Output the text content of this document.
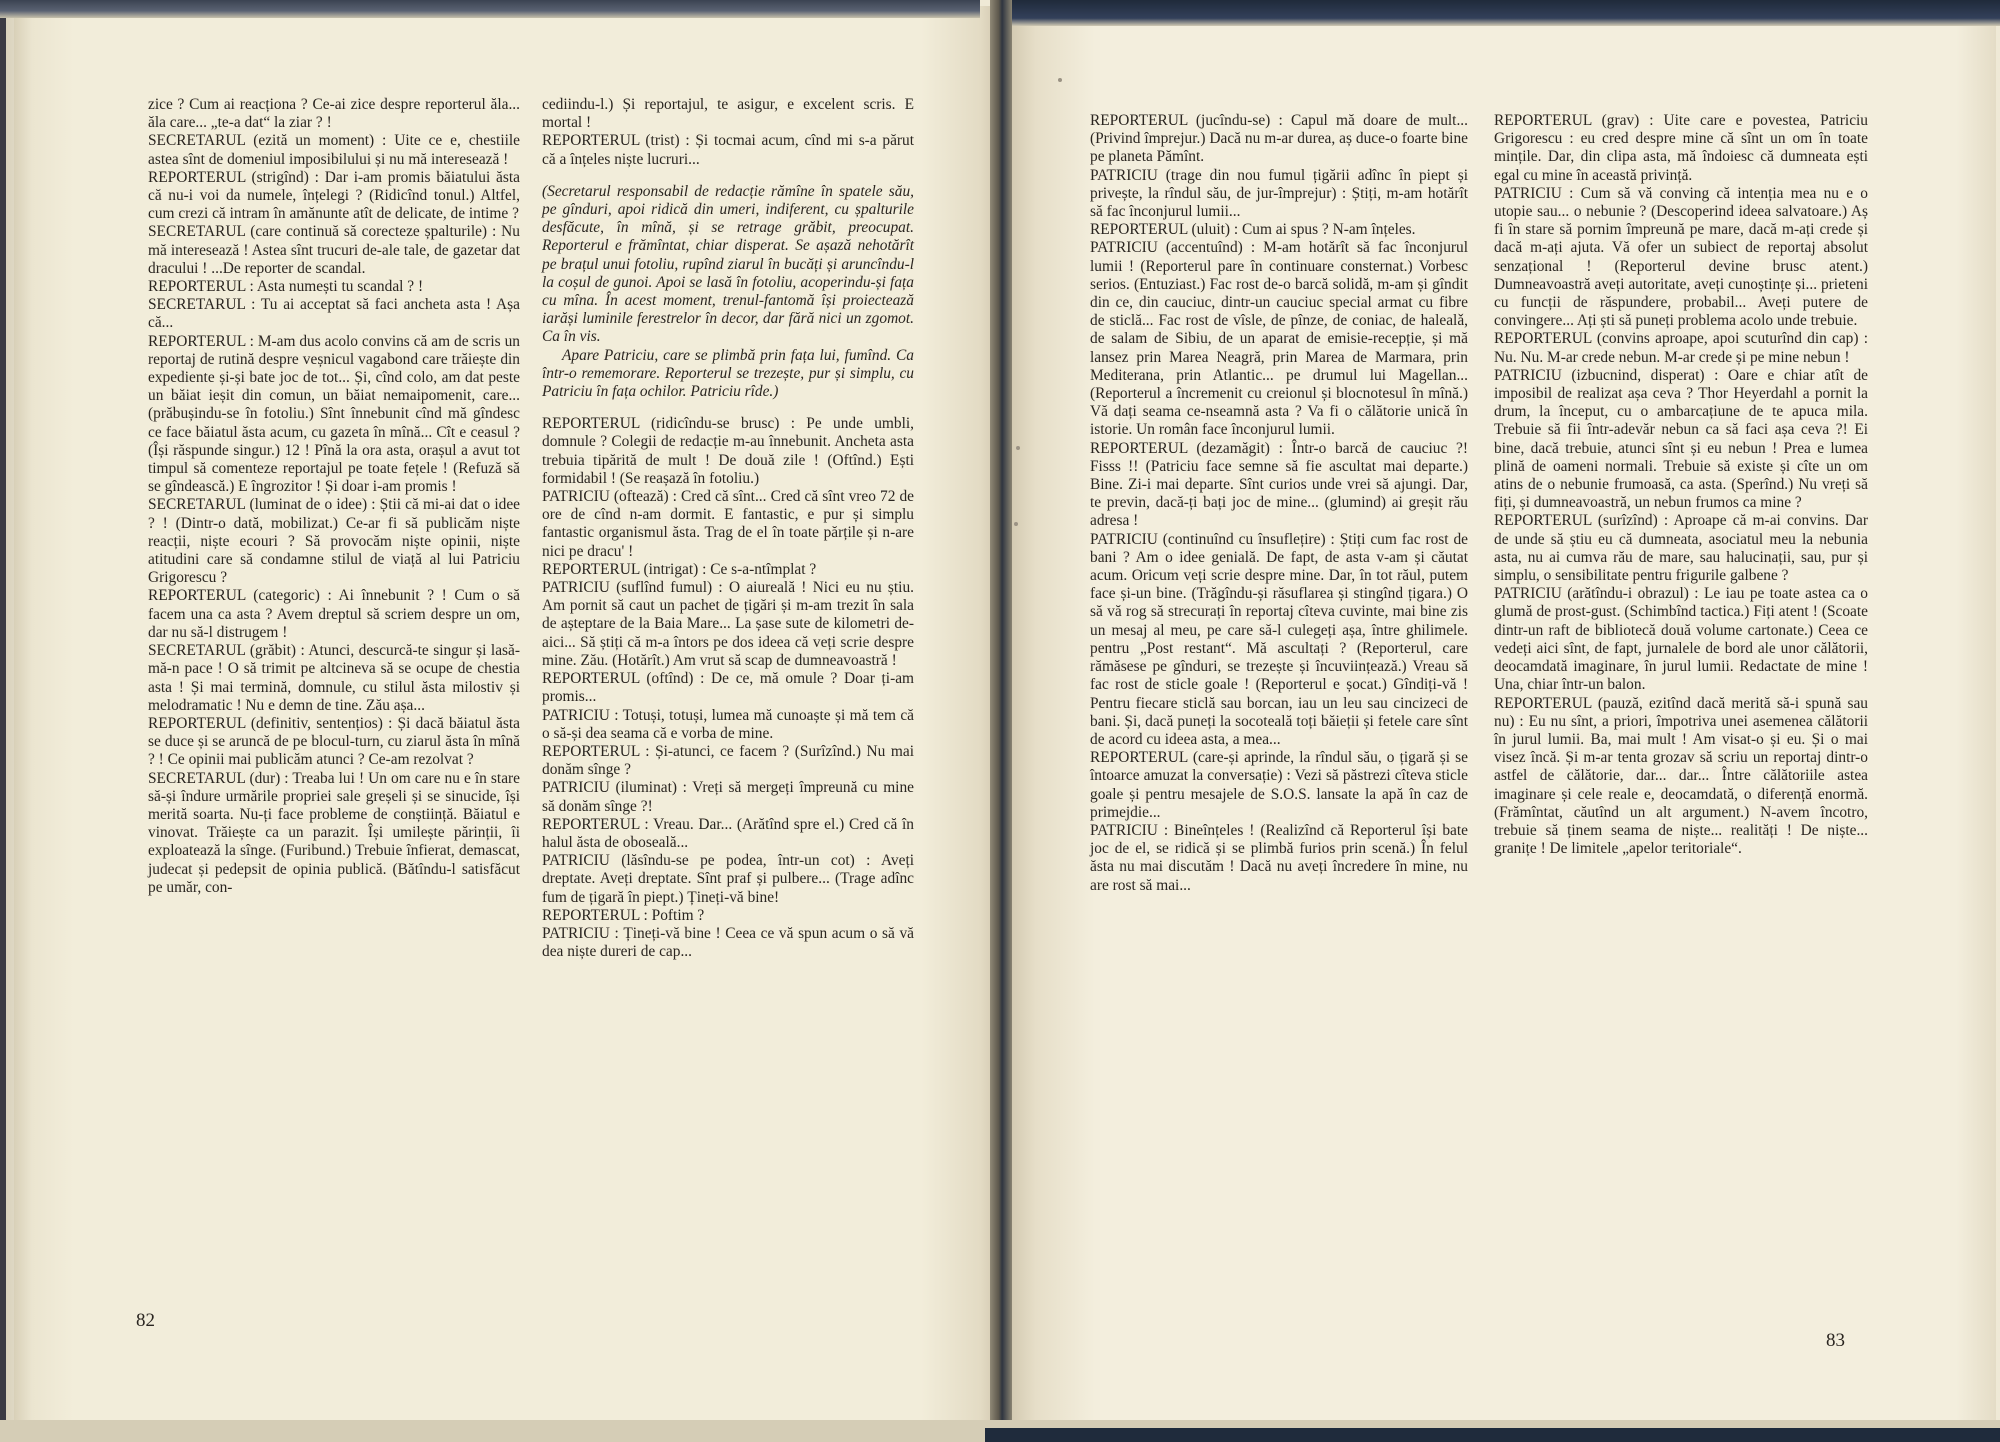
zice ? Cum ai reacționa ? Ce-ai zice despre reporterul ăla... ăla care... „te-a dat“ la ziar ? !

SECRETARUL (ezită un moment) : Uite ce e, chestiile astea sînt de domeniul imposibilului și nu mă interesează !

REPORTERUL (strigînd) : Dar i-am promis băiatului ăsta că nu-i voi da numele, înțelegi ? (Ridicînd tonul.) Altfel, cum crezi că intram în amănunte atît de delicate, de intime ?

SECRETARUL (care continuă să corecteze șpalturile) : Nu mă interesează ! Astea sînt trucuri de-ale tale, de gazetar dat dracului ! ...De reporter de scandal.

REPORTERUL : Asta numești tu scandal ? !

SECRETARUL : Tu ai acceptat să faci ancheta asta ! Așa că...

REPORTERUL : M-am dus acolo convins că am de scris un reportaj de rutină despre veșnicul vagabond care trăiește din expediente și-și bate joc de tot... Și, cînd colo, am dat peste un băiat ieșit din comun, un băiat nemaipomenit, care... (prăbușindu-se în fotoliu.) Sînt înnebunit cînd mă gîndesc ce face băiatul ăsta acum, cu gazeta în mînă... Cît e ceasul ? (Își răspunde singur.) 12 ! Pînă la ora asta, orașul a avut tot timpul să comenteze reportajul pe toate fețele ! (Refuză să se gîndească.) E îngrozitor ! Și doar i-am promis !

SECRETARUL (luminat de o idee) : Știi că mi-ai dat o idee ? ! (Dintr-o dată, mobilizat.) Ce-ar fi să publicăm niște reacții, niște ecouri ? Să provocăm niște opinii, niște atitudini care să condamne stilul de viață al lui Patriciu Grigorescu ?

REPORTERUL (categoric) : Ai înnebunit ? ! Cum o să facem una ca asta ? Avem dreptul să scriem despre un om, dar nu să-l distrugem !

SECRETARUL (grăbit) : Atunci, descurcă-te singur și lasă-mă-n pace ! O să trimit pe altcineva să se ocupe de chestia asta ! Și mai termină, domnule, cu stilul ăsta milostiv și melodramatic ! Nu e demn de tine. Zău așa...

REPORTERUL (definitiv, sentențios) : Și dacă băiatul ăsta se duce și se aruncă de pe blocul-turn, cu ziarul ăsta în mînă ? ! Ce opinii mai publicăm atunci ? Ce-am rezolvat ?

SECRETARUL (dur) : Treaba lui ! Un om care nu e în stare să-și îndure urmările propriei sale greșeli și se sinucide, își merită soarta. Nu-ți face probleme de conștiință. Băiatul e vinovat. Trăiește ca un parazit. Își umilește părinții, îi exploatează la sînge. (Furibund.) Trebuie înfierat, demascat, judecat și pedepsit de opinia publică. (Bătîndu-l satisfăcut pe umăr, con-

cediindu-l.) Și reportajul, te asigur, e excelent scris. E mortal !

REPORTERUL (trist) : Și tocmai acum, cînd mi s-a părut că a înțeles niște lucruri...

(Secretarul responsabil de redacție rămîne în spatele său, pe gînduri, apoi ridică din umeri, indiferent, cu șpalturile desfăcute, în mînă, și se retrage grăbit, preocupat. Reporterul e frămîntat, chiar disperat. Se așază nehotărît pe brațul unui fotoliu, rupînd ziarul în bucăți și aruncîndu-l la coșul de gunoi. Apoi se lasă în fotoliu, acoperindu-și fața cu mîna. În acest moment, trenul-fantomă își proiectează iarăși luminile ferestrelor în decor, dar fără nici un zgomot. Ca în vis.

Apare Patriciu, care se plimbă prin fața lui, fumînd. Ca într-o rememorare. Reporterul se trezește, pur și simplu, cu Patriciu în fața ochilor. Patriciu rîde.)

REPORTERUL (ridicîndu-se brusc) : Pe unde umbli, domnule ? Colegii de redacție m-au înnebunit. Ancheta asta trebuia tipărită de mult ! De două zile ! (Oftînd.) Ești formidabil ! (Se reașază în fotoliu.)

PATRICIU (oftează) : Cred că sînt... Cred că sînt vreo 72 de ore de cînd n-am dormit. E fantastic, e pur și simplu fantastic organismul ăsta. Trag de el în toate părțile și n-are nici pe dracu' !

REPORTERUL (intrigat) : Ce s-a-ntîmplat ?

PATRICIU (suflînd fumul) : O aiureală ! Nici eu nu știu. Am pornit să caut un pachet de țigări și m-am trezit în sala de așteptare de la Baia Mare... La șase sute de kilometri de-aici... Să știți că m-a întors pe dos ideea că veți scrie despre mine. Zău. (Hotărît.) Am vrut să scap de dumneavoastră !

REPORTERUL (oftînd) : De ce, mă omule ? Doar ți-am promis...

PATRICIU : Totuși, totuși, lumea mă cunoaște și mă tem că o să-și dea seama că e vorba de mine.

REPORTERUL : Și-atunci, ce facem ? (Surîzînd.) Nu mai donăm sînge ?

PATRICIU (iluminat) : Vreți să mergeți împreună cu mine să donăm sînge ?!

REPORTERUL : Vreau. Dar... (Arătînd spre el.) Cred că în halul ăsta de oboseală...

PATRICIU (lăsîndu-se pe podea, într-un cot) : Aveți dreptate. Aveți dreptate. Sînt praf și pulbere... (Trage adînc fum de țigară în piept.) Țineți-vă bine!

REPORTERUL : Poftim ?

PATRICIU : Țineți-vă bine ! Ceea ce vă spun acum o să vă dea niște dureri de cap...

82

REPORTERUL (jucîndu-se) : Capul mă doare de mult... (Privind împrejur.) Dacă nu m-ar durea, aș duce-o foarte bine pe planeta Pămînt.

PATRICIU (trage din nou fumul țigării adînc în piept și privește, la rîndul său, de jur-împrejur) : Știți, m-am hotărît să fac înconjurul lumii...

REPORTERUL (uluit) : Cum ai spus ? N-am înțeles.

PATRICIU (accentuînd) : M-am hotărît să fac înconjurul lumii ! (Reporterul pare în continuare consternat.) Vorbesc serios. (Entuziast.) Fac rost de-o barcă solidă, m-am și gîndit din ce, din cauciuc, dintr-un cauciuc special armat cu fibre de sticlă... Fac rost de vîsle, de pînze, de coniac, de halealǎ, de salam de Sibiu, de un aparat de emisie-recepție, și mă lansez prin Marea Neagră, prin Marea de Marmara, prin Mediterana, prin Atlantic... pe drumul lui Magellan... (Reporterul a încremenit cu creionul și blocnotesul în mînă.) Vă dați seama ce-nseamnă asta ? Va fi o călătorie unică în istorie. Un român face înconjurul lumii.

REPORTERUL (dezamăgit) : Într-o barcă de cauciuc ?! Fisss !! (Patriciu face semne să fie ascultat mai departe.) Bine. Zi-i mai departe. Sînt curios unde vrei să ajungi. Dar, te previn, dacă-ți bați joc de mine... (glumind) ai greșit rău adresa !

PATRICIU (continuînd cu însuflețire) : Știți cum fac rost de bani ? Am o idee genială. De fapt, de asta v-am și căutat acum. Oricum veți scrie despre mine. Dar, în tot răul, putem face și-un bine. (Trăgîndu-și răsuflarea și stingînd țigara.) O să vă rog să strecurați în reportaj cîteva cuvinte, mai bine zis un mesaj al meu, pe care să-l culegeți așa, între ghilimele. pentru „Post restant“. Mă ascultați ? (Reporterul, care rămăsese pe gînduri, se trezește și încuviințează.) Vreau să fac rost de sticle goale ! (Reporterul e șocat.) Gîndiți-vă ! Pentru fiecare sticlă sau borcan, iau un leu sau cincizeci de bani. Și, dacă puneți la socoteală toți băieții și fetele care sînt de acord cu ideea asta, a mea...

REPORTERUL (care-și aprinde, la rîndul său, o țigară și se întoarce amuzat la conversație) : Vezi să păstrezi cîteva sticle goale și pentru mesajele de S.O.S. lansate la apă în caz de primejdie...

PATRICIU : Bineînțeles ! (Realizînd că Reporterul își bate joc de el, se ridică și se plimbă furios prin scenă.) În felul ăsta nu mai discutăm ! Dacă nu aveți încredere în mine, nu are rost să mai...

REPORTERUL (grav) : Uite care e povestea, Patriciu Grigorescu : eu cred despre mine că sînt un om în toate mințile. Dar, din clipa asta, mă îndoiesc că dumneata ești egal cu mine în această privință.

PATRICIU : Cum să vă conving că intenția mea nu e o utopie sau... o nebunie ? (Descoperind ideea salvatoare.) Aș fi în stare să pornim împreună pe mare, dacă m-ați crede și dacă m-ați ajuta. Vă ofer un subiect de reportaj absolut senzațional ! (Reporterul devine brusc atent.) Dumneavoastră aveți autoritate, aveți cunoștințe și... prieteni cu funcții de răspundere, probabil... Aveți putere de convingere... Ați ști să puneți problema acolo unde trebuie.

REPORTERUL (convins aproape, apoi scuturînd din cap) : Nu. Nu. M-ar crede nebun. M-ar crede și pe mine nebun !

PATRICIU (izbucnind, disperat) : Oare e chiar atît de imposibil de realizat așa ceva ? Thor Heyerdahl a pornit la drum, la început, cu o ambarcațiune de te apuca mila. Trebuie să fii într-adevăr nebun ca să faci așa ceva ?! Ei bine, dacă trebuie, atunci sînt și eu nebun ! Prea e lumea plină de oameni normali. Trebuie să existe și cîte un om atins de o nebunie frumoasă, ca asta. (Sperînd.) Nu vreți să fiți, și dumneavoastră, un nebun frumos ca mine ?

REPORTERUL (surîzînd) : Aproape că m-ai convins. Dar de unde să știu eu că dumneata, asociatul meu la nebunia asta, nu ai cumva rău de mare, sau halucinații, sau, pur și simplu, o sensibilitate pentru frigurile galbene ?

PATRICIU (arătîndu-i obrazul) : Le iau pe toate astea ca o glumă de prost-gust. (Schimbînd tactica.) Fiți atent ! (Scoate dintr-un raft de bibliotecă două volume cartonate.) Ceea ce vedeți aici sînt, de fapt, jurnalele de bord ale unor călătorii, deocamdată imaginare, în jurul lumii. Redactate de mine ! Una, chiar într-un balon.

REPORTERUL (pauză, ezitînd dacă merită să-i spună sau nu) : Eu nu sînt, a priori, împotriva unei asemenea călătorii în jurul lumii. Ba, mai mult ! Am visat-o și eu. Și o mai visez încă. Și m-ar tenta grozav să scriu un reportaj dintr-o astfel de călătorie, dar... dar... Între călătoriile astea imaginare și cele reale e, deocamdată, o diferență enormă. (Frămîntat, căutînd un alt argument.) N-avem încotro, trebuie să ținem seama de niște... realități ! De niște... granițe ! De limitele „apelor teritoriale“.

83
